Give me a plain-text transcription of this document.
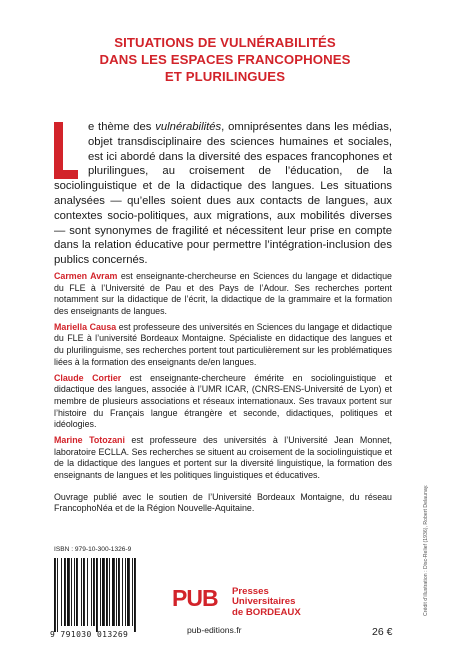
SITUATIONS DE VULNÉRABILITÉS
DANS LES ESPACES FRANCOPHONES
ET PLURILINGUES
e thème des vulnérabilités, omniprésentes dans les médias, objet transdisciplinaire des sciences humaines et sociales, est ici abordé dans la diversité des espaces francophones et plurilingues, au croisement de l’éducation, de la sociolinguistique et de la didactique des langues. Les situations analysées — qu’elles soient dues aux contacts de langues, aux contextes socio-politiques, aux migrations, aux mobilités diverses — sont synonymes de fragilité et nécessitent leur prise en compte dans la relation éducative pour permettre l’intégration-inclusion des publics concernés.

Carmen Avram est enseignante-chercheurse en Sciences du langage et didactique du FLE à l’Université de Pau et des Pays de l’Adour. Ses recherches portent notamment sur la didactique de l’écrit, la didactique de la grammaire et la formation des enseignants de langues.

Mariella Causa est professeure des universités en Sciences du langage et didactique du FLE à l’université Bordeaux Montaigne. Spécialiste en didactique des langues et du plurilinguisme, ses recherches portent tout particulièrement sur les problématiques liées à la formation des enseignants de/en langues.

Claude Cortier est enseignante-chercheure émérite en sociolinguistique et didactique des langues, associée à l’UMR ICAR, (CNRS-ENS-Université de Lyon) et membre de plusieurs associations et réseaux internationaux. Ses travaux portent sur l’histoire du Français langue étrangère et seconde, didactiques, politiques et idéologies.

Marine Totozani est professeure des universités à l’Université Jean Monnet, laboratoire ECLLA. Ses recherches se situent au croisement de la sociolinguistique et de la didactique des langues et portent sur la diversité linguistique, la formation des enseignants de langues et les politiques linguistiques et éducatives.

Ouvrage publié avec le soutien de l’Université Bordeaux Montaigne, du réseau FrancophoNéa et de la Région Nouvelle-Aquitaine.

ISBN : 979-10-300-1326-9
9 791030 013269
PUB Presses
Universitaires
de BORDEAUX
pub-editions.fr	26 €
Crédit d’illustration : Disc-Relief (1936), Robert Delaunay.
